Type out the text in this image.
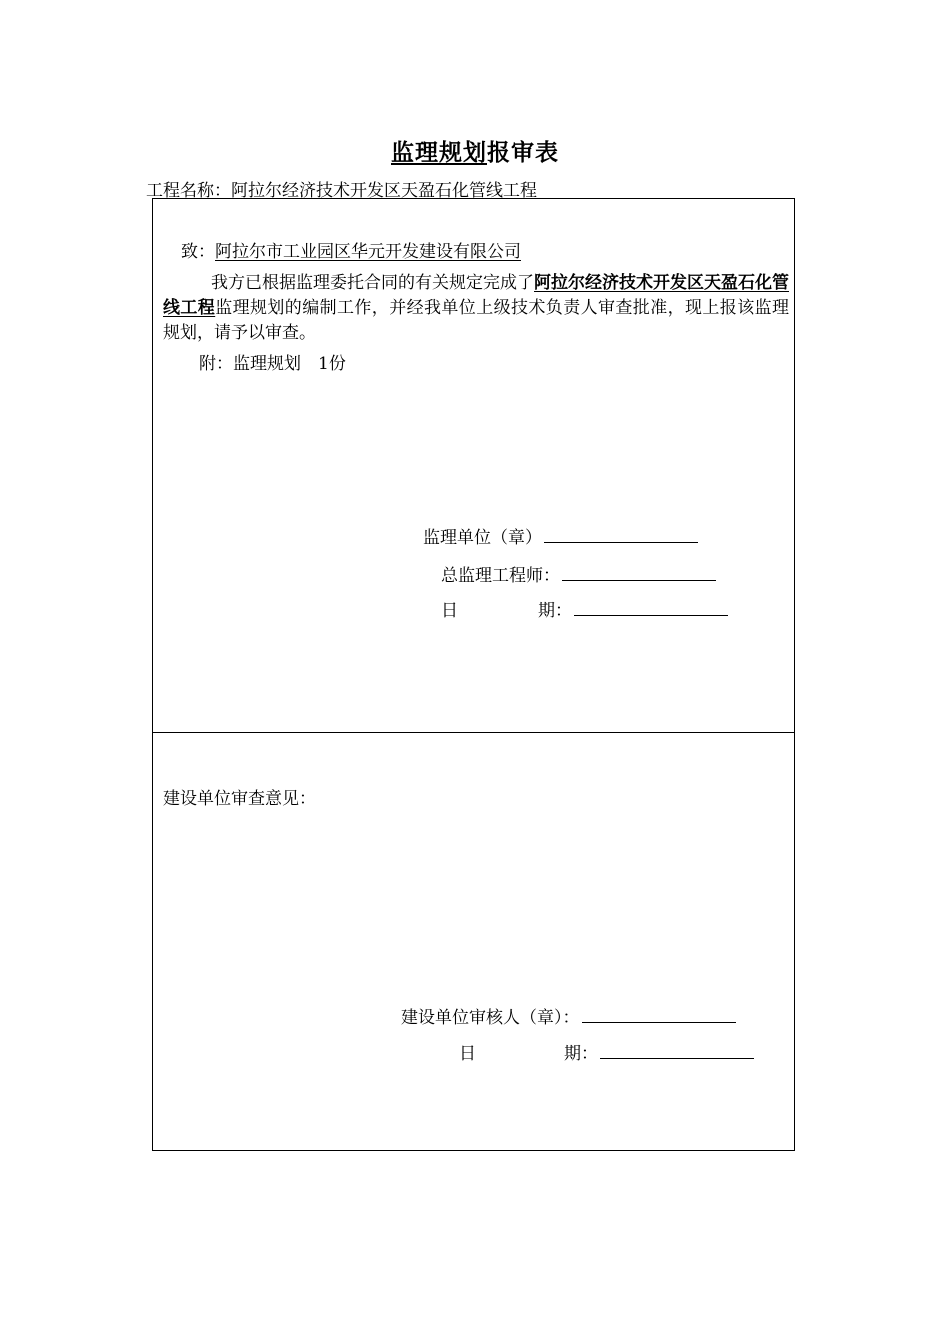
监理规划报审表
工程名称：阿拉尔经济技术开发区天盈石化管线工程
致：阿拉尔市工业园区华元开发建设有限公司
我方已根据监理委托合同的有关规定完成了阿拉尔经济技术开发区天盈石化管线工程监理规划的编制工作，并经我单位上级技术负责人审查批准，现上报该监理规划，请予以审查。
附：监理规划　1份
监理单位（章）
总监理工程师：
日	期：
建设单位审查意见：
建设单位审核人（章）：
日	期：
